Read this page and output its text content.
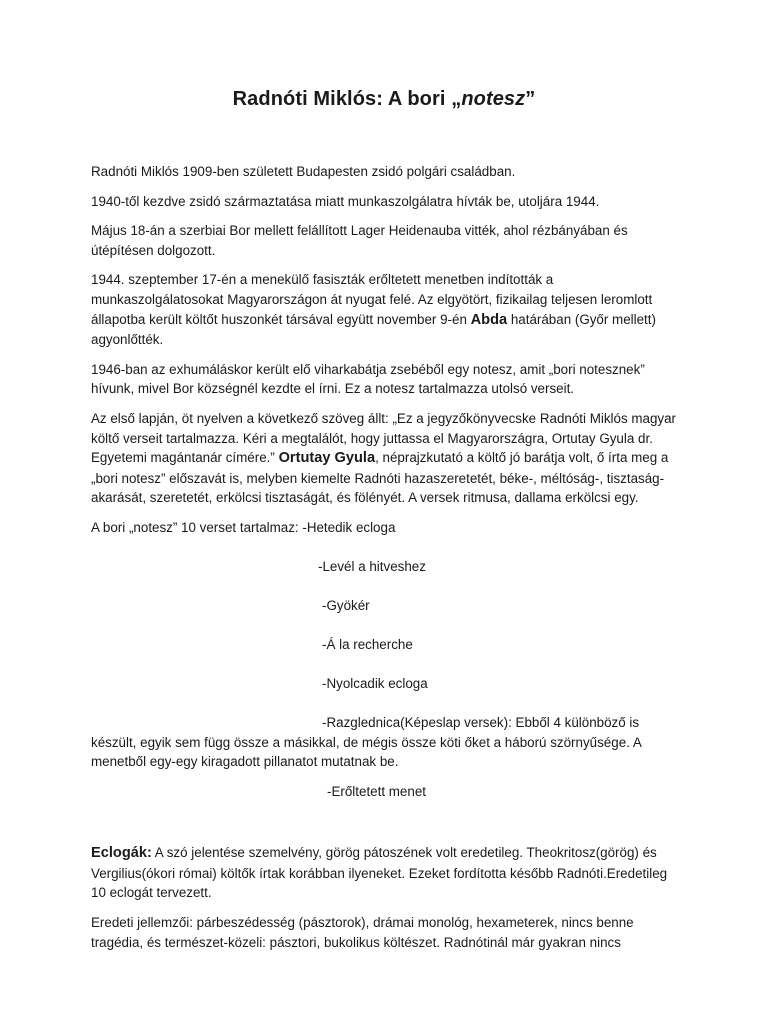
Radnóti Miklós: A bori „notesz”

Radnóti Miklós 1909-ben született Budapesten zsidó polgári családban.

1940-től kezdve zsidó származtatása miatt munkaszolgálatra hívták be, utoljára 1944.

Május 18-án a szerbiai Bor mellett felállított Lager Heidenauba vitték, ahol rézbányában és útépítésen dolgozott.

1944. szeptember 17-én a menekülő fasiszták erőltetett menetben indították a munkaszolgálatosokat Magyarországon át nyugat felé. Az elgyötört, fizikailag teljesen leromlott állapotba került költőt huszonkét társával együtt november 9-én Abda határában (Győr mellett) agyonlőtték.

1946-ban az exhumáláskor került elő viharkabátja zsebéből egy notesz, amit „bori notesznek” hívunk, mivel Bor községnél kezdte el írni. Ez a notesz tartalmazza utolsó verseit.

Az első lapján, öt nyelven a következő szöveg állt: „Ez a jegyzőkönyvecske Radnóti Miklós magyar költő verseit tartalmazza. Kéri a megtalálót, hogy juttassa el Magyarországra, Ortutay Gyula dr. Egyetemi magántanár címére.” Ortutay Gyula, néprajzkutató a költő jó barátja volt, ő írta meg a „bori notesz” előszavát is, melyben kiemelte Radnóti hazaszeretetét, béke-, méltóság-, tisztaság-akarását, szeretetét, erkölcsi tisztaságát, és fölényét. A versek ritmusa, dallama erkölcsi egy.

A bori „notesz” 10 verset tartalmaz: -Hetedik ecloga

-Levél a hitveshez

-Gyökér

-Á la recherche

-Nyolcadik ecloga

-Razglednica(Képeslap versek): Ebből 4 különböző is

készült, egyik sem függ össze a másikkal, de mégis össze köti őket a háború szörnyűsége. A menetből egy-egy kiragadott pillanatot mutatnak be.

-Erőltetett menet

Eclogák: A szó jelentése szemelvény, görög pátoszének volt eredetileg. Theokritosz(görög) és Vergilius(ókori római) költők írtak korábban ilyeneket. Ezeket fordította később Radnóti.Eredetileg 10 eclogát tervezett.

Eredeti jellemzői: párbeszédesség (pásztorok), drámai monológ, hexameterek, nincs benne tragédia, és természet-közeli: pásztori, bukolikus költészet. Radnótinál már gyakran nincs
